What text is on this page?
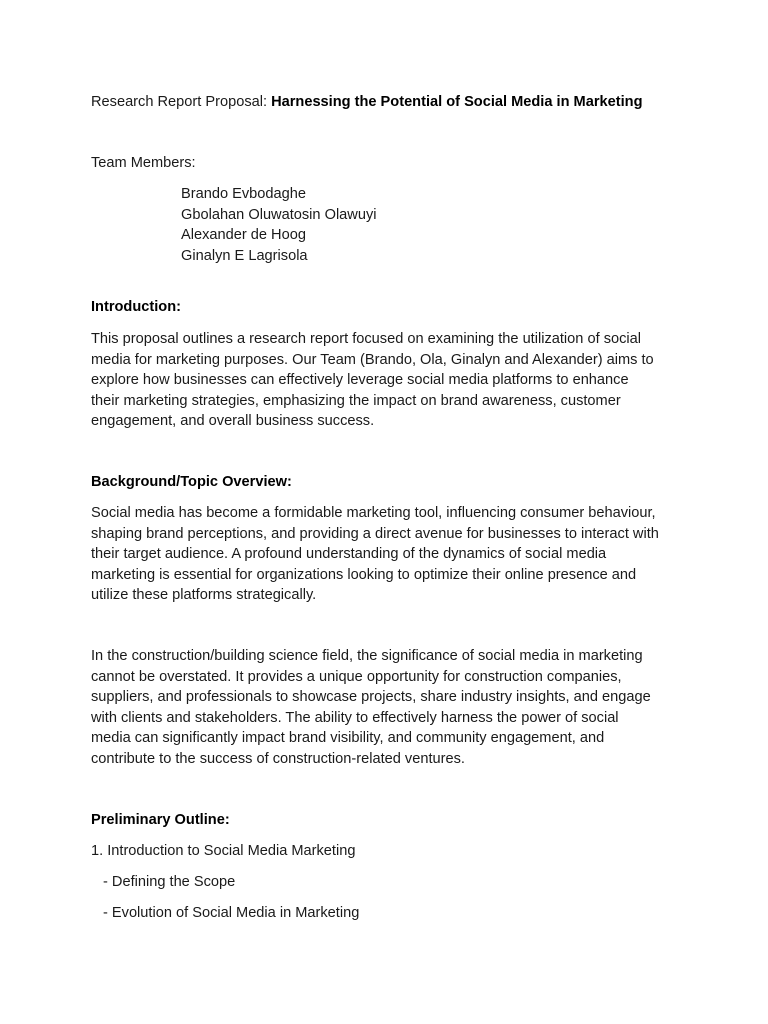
Research Report Proposal: Harnessing the Potential of Social Media in Marketing
Team Members:
Brando Evbodaghe
Gbolahan Oluwatosin Olawuyi
Alexander de Hoog
Ginalyn E Lagrisola
Introduction:
This proposal outlines a research report focused on examining the utilization of social
media for marketing purposes. Our Team (Brando, Ola, Ginalyn and Alexander) aims to
explore how businesses can effectively leverage social media platforms to enhance
their marketing strategies, emphasizing the impact on brand awareness, customer
engagement, and overall business success.
Background/Topic Overview:
Social media has become a formidable marketing tool, influencing consumer behaviour,
shaping brand perceptions, and providing a direct avenue for businesses to interact with
their target audience. A profound understanding of the dynamics of social media
marketing is essential for organizations looking to optimize their online presence and
utilize these platforms strategically.
In the construction/building science field, the significance of social media in marketing
cannot be overstated. It provides a unique opportunity for construction companies,
suppliers, and professionals to showcase projects, share industry insights, and engage
with clients and stakeholders. The ability to effectively harness the power of social
media can significantly impact brand visibility, and community engagement, and
contribute to the success of construction-related ventures.
Preliminary Outline:
1. Introduction to Social Media Marketing
- Defining the Scope
- Evolution of Social Media in Marketing
